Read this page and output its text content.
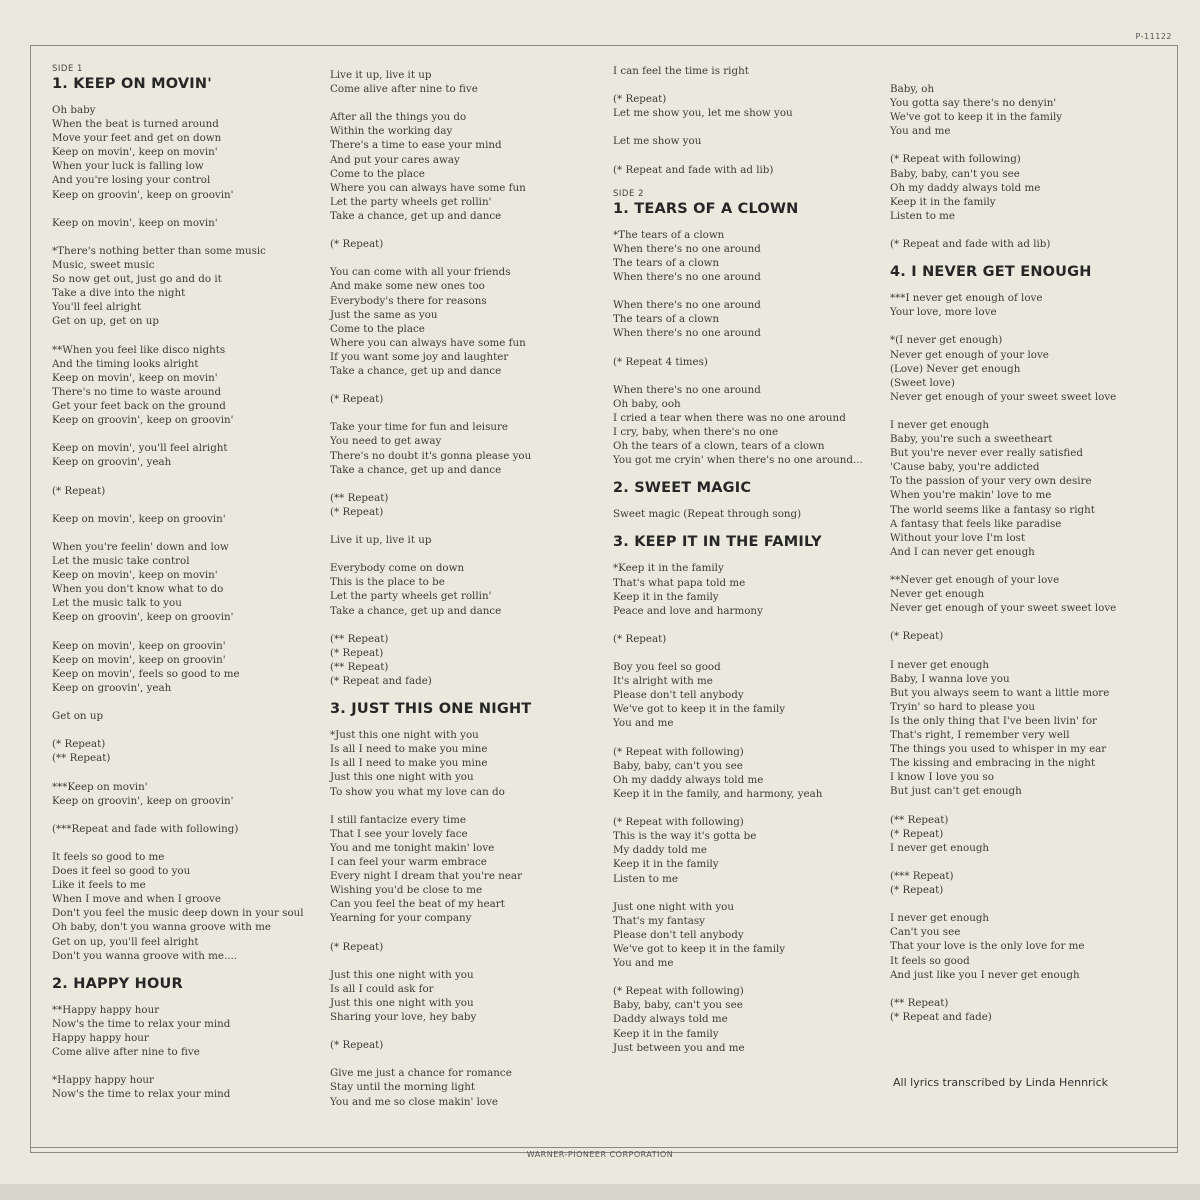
P-11122
SIDE 1
1. KEEP ON MOVIN'
Oh baby
When the beat is turned around
Move your feet and get on down
Keep on movin', keep on movin'
When your luck is falling low
And you're losing your control
Keep on groovin', keep on groovin'
Keep on movin', keep on movin'
*There's nothing better than some music
Music, sweet music
So now get out, just go and do it
Take a dive into the night
You'll feel alright
Get on up, get on up
**When you feel like disco nights
And the timing looks alright
Keep on movin', keep on movin'
There's no time to waste around
Get your feet back on the ground
Keep on groovin', keep on groovin'
Keep on movin', you'll feel alright
Keep on groovin', yeah
(* Repeat)
Keep on movin', keep on groovin'
When you're feelin' down and low
Let the music take control
Keep on movin', keep on movin'
When you don't know what to do
Let the music talk to you
Keep on groovin', keep on groovin'
Keep on movin', keep on groovin'
Keep on movin', keep on groovin'
Keep on movin', feels so good to me
Keep on groovin', yeah
Get on up
(* Repeat)
(** Repeat)
***Keep on movin'
Keep on groovin', keep on groovin'
(***Repeat and fade with following)
It feels so good to me
Does it feel so good to you
Like it feels to me
When I move and when I groove
Don't you feel the music deep down in your soul
Oh baby, don't you wanna groove with me
Get on up, you'll feel alright
Don't you wanna groove with me....
2. HAPPY HOUR
**Happy happy hour
Now's the time to relax your mind
Happy happy hour
Come alive after nine to five
*Happy happy hour
Now's the time to relax your mind
Live it up, live it up
Come alive after nine to five
After all the things you do
Within the working day
There's a time to ease your mind
And put your cares away
Come to the place
Where you can always have some fun
Let the party wheels get rollin'
Take a chance, get up and dance
(* Repeat)
You can come with all your friends
And make some new ones too
Everybody's there for reasons
Just the same as you
Come to the place
Where you can always have some fun
If you want some joy and laughter
Take a chance, get up and dance
(* Repeat)
Take your time for fun and leisure
You need to get away
There's no doubt it's gonna please you
Take a chance, get up and dance
(** Repeat)
(* Repeat)
Live it up, live it up
Everybody come on down
This is the place to be
Let the party wheels get rollin'
Take a chance, get up and dance
(** Repeat)
(* Repeat)
(** Repeat)
(* Repeat and fade)
3. JUST THIS ONE NIGHT
*Just this one night with you
Is all I need to make you mine
Is all I need to make you mine
Just this one night with you
To show you what my love can do
I still fantacize every time
That I see your lovely face
You and me tonight makin' love
I can feel your warm embrace
Every night I dream that you're near
Wishing you'd be close to me
Can you feel the beat of my heart
Yearning for your company
(* Repeat)
Just this one night with you
Is all I could ask for
Just this one night with you
Sharing your love, hey baby
(* Repeat)
Give me just a chance for romance
Stay until the morning light
You and me so close makin' love
I can feel the time is right
(* Repeat)
Let me show you, let me show you
Let me show you
(* Repeat and fade with ad lib)
SIDE 2
1. TEARS OF A CLOWN
*The tears of a clown
When there's no one around
The tears of a clown
When there's no one around
When there's no one around
The tears of a clown
When there's no one around
(* Repeat 4 times)
When there's no one around
Oh baby, ooh
I cried a tear when there was no one around
I cry, baby, when there's no one
Oh the tears of a clown, tears of a clown
You got me cryin' when there's no one around...
2. SWEET MAGIC
Sweet magic (Repeat through song)
3. KEEP IT IN THE FAMILY
*Keep it in the family
That's what papa told me
Keep it in the family
Peace and love and harmony
(* Repeat)
Boy you feel so good
It's alright with me
Please don't tell anybody
We've got to keep it in the family
You and me
(* Repeat with following)
Baby, baby, can't you see
Oh my daddy always told me
Keep it in the family, and harmony, yeah
(* Repeat with following)
This is the way it's gotta be
My daddy told me
Keep it in the family
Listen to me
Just one night with you
That's my fantasy
Please don't tell anybody
We've got to keep it in the family
You and me
(* Repeat with following)
Baby, baby, can't you see
Daddy always told me
Keep it in the family
Just between you and me
Baby, oh
You gotta say there's no denyin'
We've got to keep it in the family
You and me
(* Repeat with following)
Baby, baby, can't you see
Oh my daddy always told me
Keep it in the family
Listen to me
(* Repeat and fade with ad lib)
4. I NEVER GET ENOUGH
***I never get enough of love
Your love, more love
*(I never get enough)
Never get enough of your love
(Love) Never get enough
(Sweet love)
Never get enough of your sweet sweet love
I never get enough
Baby, you're such a sweetheart
But you're never ever really satisfied
'Cause baby, you're addicted
To the passion of your very own desire
When you're makin' love to me
The world seems like a fantasy so right
A fantasy that feels like paradise
Without your love I'm lost
And I can never get enough
**Never get enough of your love
Never get enough
Never get enough of your sweet sweet love
(* Repeat)
I never get enough
Baby, I wanna love you
But you always seem to want a little more
Tryin' so hard to please you
Is the only thing that I've been livin' for
That's right, I remember very well
The things you used to whisper in my ear
The kissing and embracing in the night
I know I love you so
But just can't get enough
(** Repeat)
(* Repeat)
I never get enough
(*** Repeat)
(* Repeat)
I never get enough
Can't you see
That your love is the only love for me
It feels so good
And just like you I never get enough
(** Repeat)
(* Repeat and fade)
All lyrics transcribed by Linda Hennrick
WARNER-PIONEER CORPORATION
